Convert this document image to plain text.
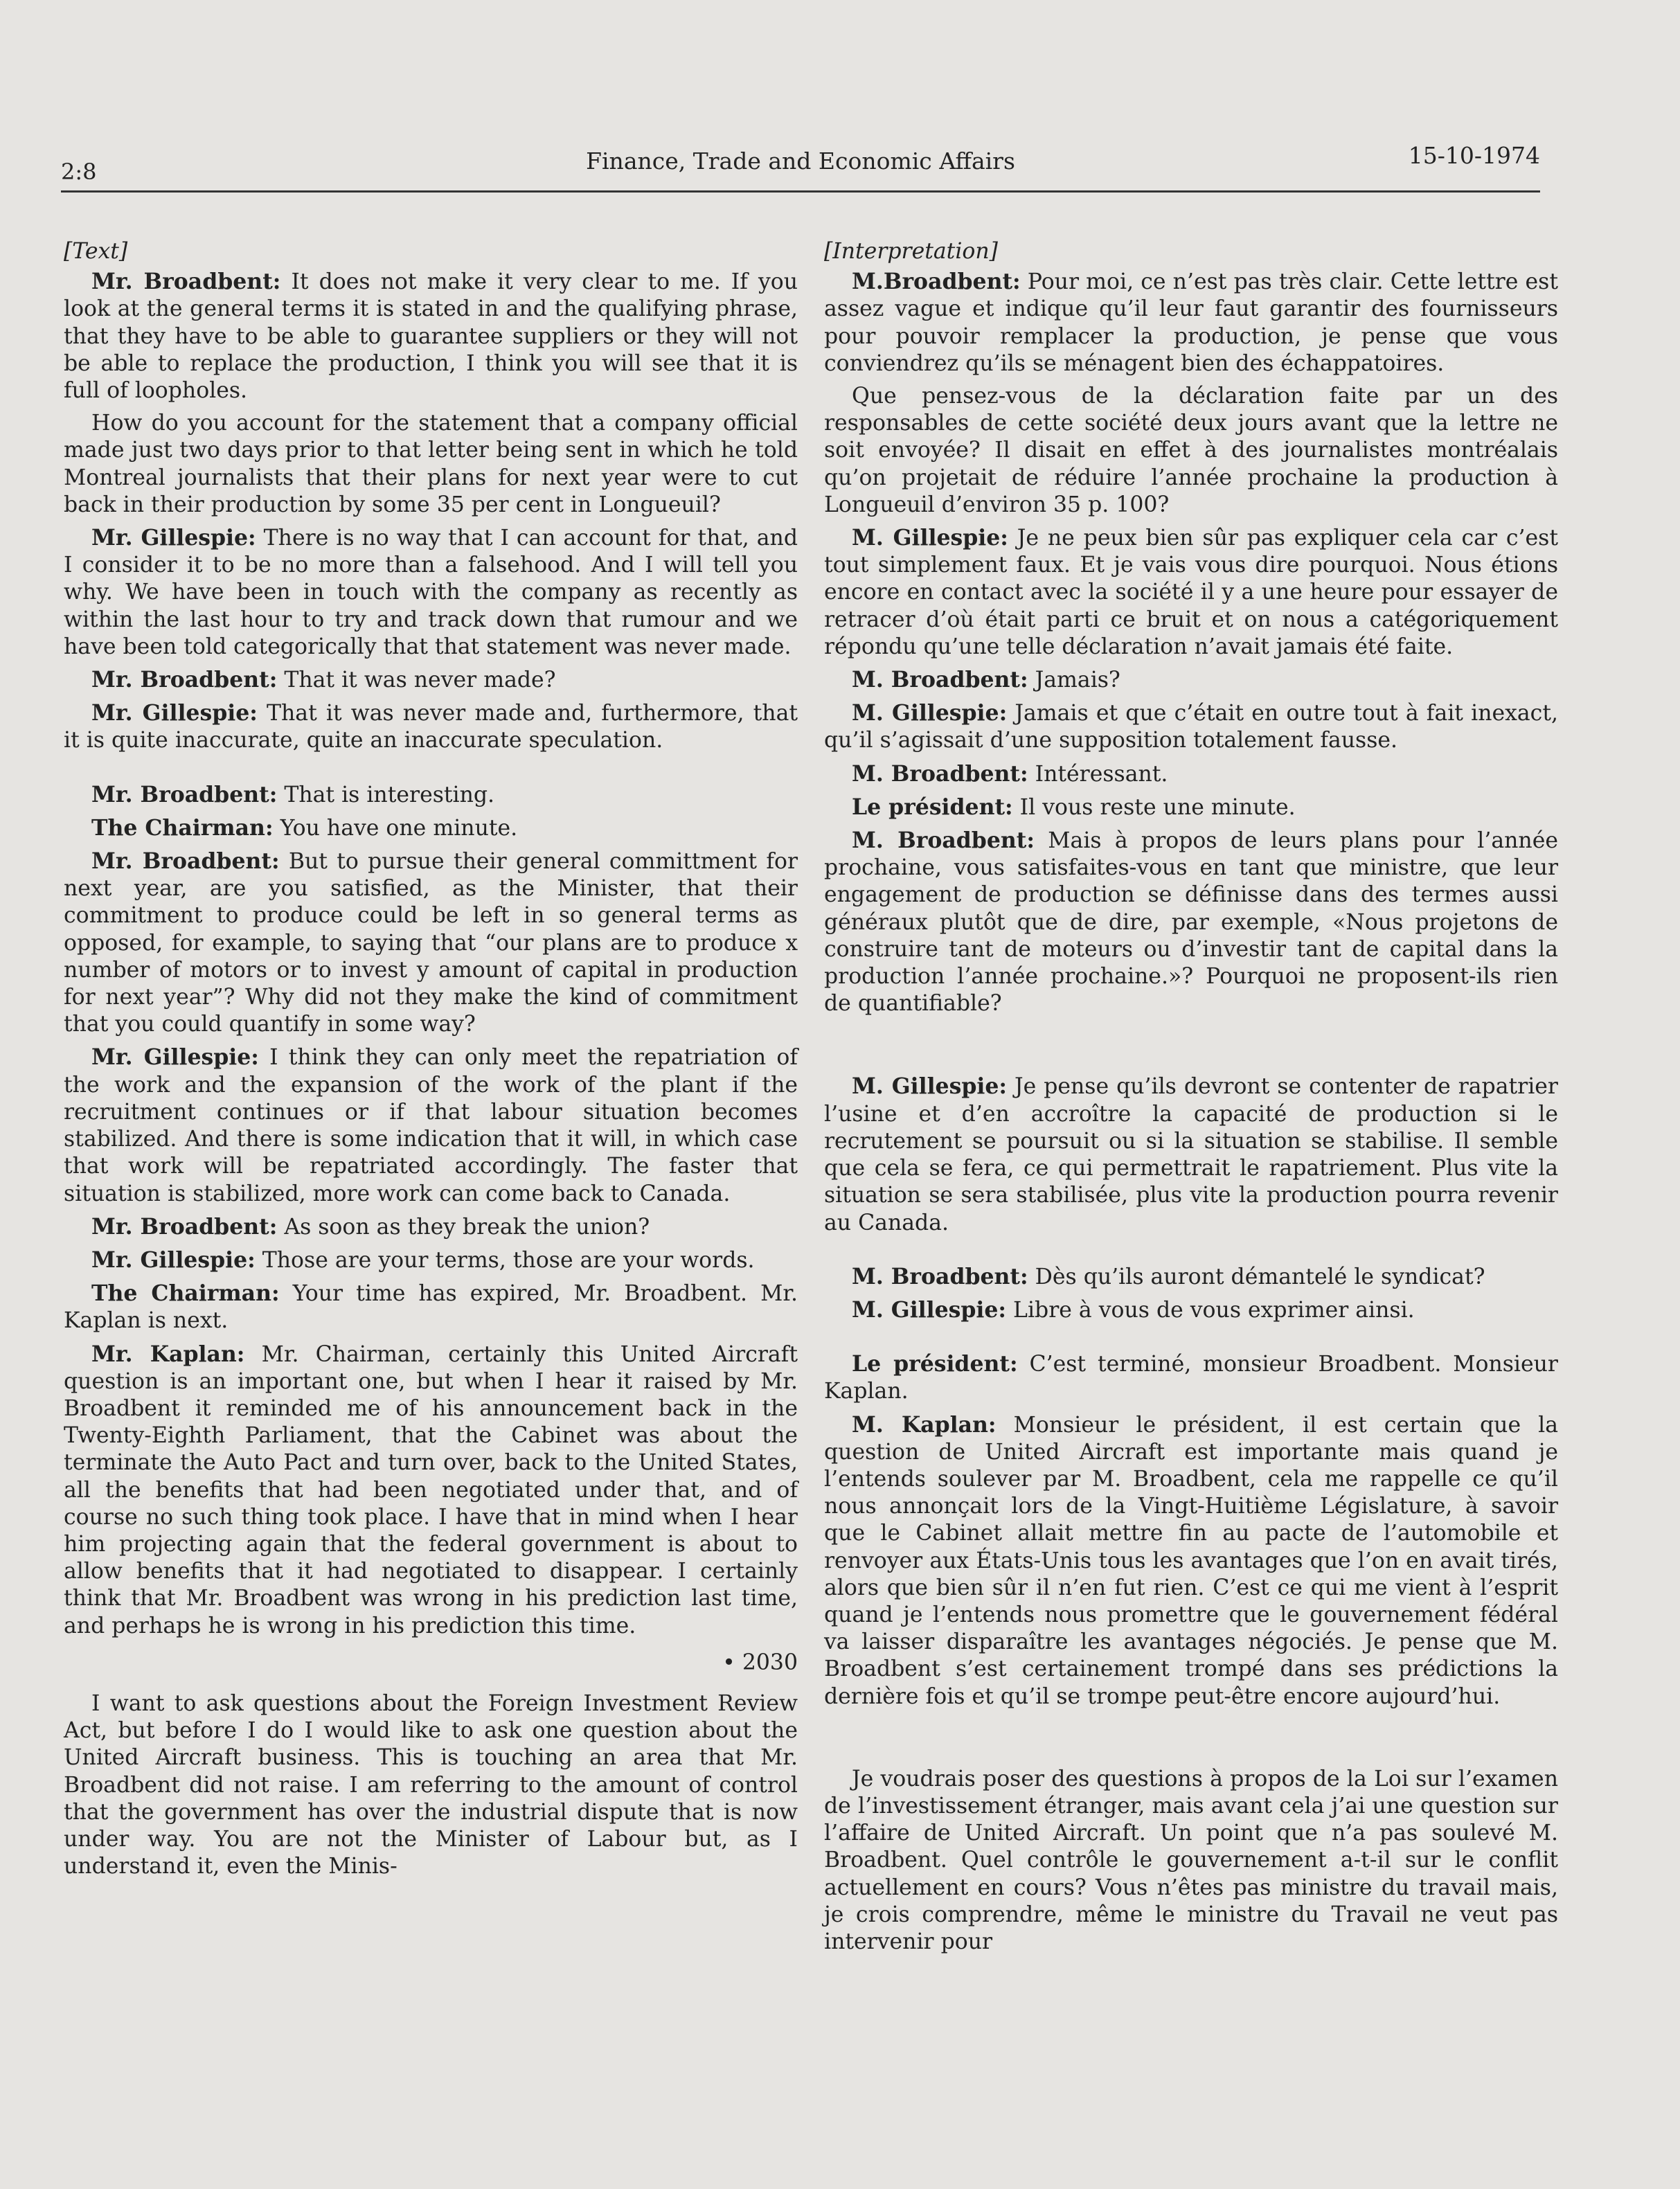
2:8	Finance, Trade and Economic Affairs	15-10-1974

[Text]

Mr. Broadbent: It does not make it very clear to me. If you look at the general terms it is stated in and the qualifying phrase, that they have to be able to guarantee suppliers or they will not be able to replace the production, I think you will see that it is full of loopholes.

How do you account for the statement that a company official made just two days prior to that letter being sent in which he told Montreal journalists that their plans for next year were to cut back in their production by some 35 per cent in Longueuil?

Mr. Gillespie: There is no way that I can account for that, and I consider it to be no more than a falsehood. And I will tell you why. We have been in touch with the company as recently as within the last hour to try and track down that rumour and we have been told categorically that that statement was never made.

Mr. Broadbent: That it was never made?

Mr. Gillespie: That it was never made and, furthermore, that it is quite inaccurate, quite an inaccurate speculation.

Mr. Broadbent: That is interesting.

The Chairman: You have one minute.

Mr. Broadbent: But to pursue their general committment for next year, are you satisfied, as the Minister, that their commitment to produce could be left in so general terms as opposed, for example, to saying that “our plans are to produce x number of motors or to invest y amount of capital in production for next year”? Why did not they make the kind of commitment that you could quantify in some way?

Mr. Gillespie: I think they can only meet the repatriation of the work and the expansion of the work of the plant if the recruitment continues or if that labour situation becomes stabilized. And there is some indication that it will, in which case that work will be repatriated accordingly. The faster that situation is stabilized, more work can come back to Canada.

Mr. Broadbent: As soon as they break the union?

Mr. Gillespie: Those are your terms, those are your words.

The Chairman: Your time has expired, Mr. Broadbent. Mr. Kaplan is next.

Mr. Kaplan: Mr. Chairman, certainly this United Aircraft question is an important one, but when I hear it raised by Mr. Broadbent it reminded me of his announcement back in the Twenty-Eighth Parliament, that the Cabinet was about the terminate the Auto Pact and turn over, back to the United States, all the benefits that had been negotiated under that, and of course no such thing took place. I have that in mind when I hear him projecting again that the federal government is about to allow benefits that it had negotiated to disappear. I certainly think that Mr. Broadbent was wrong in his prediction last time, and perhaps he is wrong in his prediction this time.

• 2030

I want to ask questions about the Foreign Investment Review Act, but before I do I would like to ask one question about the United Aircraft business. This is touching an area that Mr. Broadbent did not raise. I am referring to the amount of control that the government has over the industrial dispute that is now under way. You are not the Minister of Labour but, as I understand it, even the Minis-

[Interpretation]

M.Broadbent: Pour moi, ce n’est pas très clair. Cette lettre est assez vague et indique qu’il leur faut garantir des fournisseurs pour pouvoir remplacer la production, je pense que vous conviendrez qu’ils se ménagent bien des échappatoires.

Que pensez-vous de la déclaration faite par un des responsables de cette société deux jours avant que la lettre ne soit envoyée? Il disait en effet à des journalistes montréalais qu’on projetait de réduire l’année prochaine la production à Longueuil d’environ 35 p. 100?

M. Gillespie: Je ne peux bien sûr pas expliquer cela car c’est tout simplement faux. Et je vais vous dire pourquoi. Nous étions encore en contact avec la société il y a une heure pour essayer de retracer d’où était parti ce bruit et on nous a catégoriquement répondu qu’une telle déclaration n’avait jamais été faite.

M. Broadbent: Jamais?

M. Gillespie: Jamais et que c’était en outre tout à fait inexact, qu’il s’agissait d’une supposition totalement fausse.

M. Broadbent: Intéressant.

Le président: Il vous reste une minute.

M. Broadbent: Mais à propos de leurs plans pour l’année prochaine, vous satisfaites-vous en tant que ministre, que leur engagement de production se définisse dans des termes aussi généraux plutôt que de dire, par exemple, «Nous projetons de construire tant de moteurs ou d’investir tant de capital dans la production l’année prochaine.»? Pourquoi ne proposent-ils rien de quantifiable?

M. Gillespie: Je pense qu’ils devront se contenter de rapatrier l’usine et d’en accroître la capacité de production si le recrutement se poursuit ou si la situation se stabilise. Il semble que cela se fera, ce qui permettrait le rapatriement. Plus vite la situation se sera stabilisée, plus vite la production pourra revenir au Canada.

M. Broadbent: Dès qu’ils auront démantelé le syndicat?

M. Gillespie: Libre à vous de vous exprimer ainsi.

Le président: C’est terminé, monsieur Broadbent. Monsieur Kaplan.

M. Kaplan: Monsieur le président, il est certain que la question de United Aircraft est importante mais quand je l’entends soulever par M. Broadbent, cela me rappelle ce qu’il nous annonçait lors de la Vingt-Huitième Législature, à savoir que le Cabinet allait mettre fin au pacte de l’automobile et renvoyer aux États-Unis tous les avantages que l’on en avait tirés, alors que bien sûr il n’en fut rien. C’est ce qui me vient à l’esprit quand je l’entends nous promettre que le gouvernement fédéral va laisser disparaître les avantages négociés. Je pense que M. Broadbent s’est certainement trompé dans ses prédictions la dernière fois et qu’il se trompe peut-être encore aujourd’hui.

Je voudrais poser des questions à propos de la Loi sur l’examen de l’investissement étranger, mais avant cela j’ai une question sur l’affaire de United Aircraft. Un point que n’a pas soulevé M. Broadbent. Quel contrôle le gouvernement a-t-il sur le conflit actuellement en cours? Vous n’êtes pas ministre du travail mais, je crois comprendre, même le ministre du Travail ne veut pas intervenir pour
